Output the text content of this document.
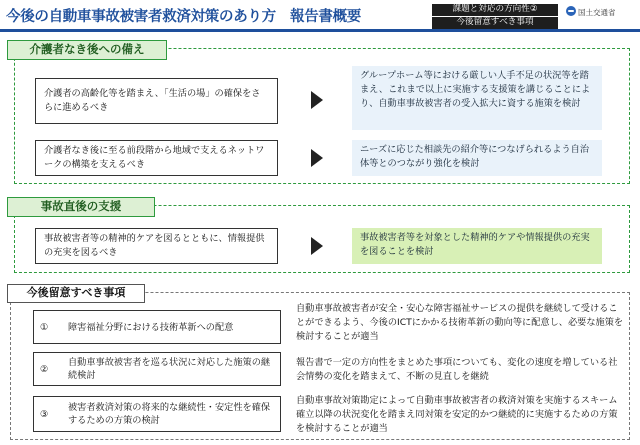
今後の自動車事故被害者救済対策のあり方　報告書概要	課題と対応の方向性②
今後留意すべき事項
国土交通省
介護者なき後への備え
介護者の高齢化等を踏まえ、「生活の場」の確保をさらに進めるべき
グループホーム等における厳しい人手不足の状況等を踏まえ、これまで以上に実施する支援策を講じることにより、自動車事故被害者の受入拡大に資する施策を検討
介護者なき後に至る前段階から地域で支えるネットワークの構築を支えるべき
ニーズに応じた相談先の紹介等につなげられるよう自治体等とのつながり強化を検討
事故直後の支援
事故被害者等の精神的ケアを図るとともに、情報提供の充実を図るべき
事故被害者等を対象とした精神的ケアや情報提供の充実を図ることを検討
今後留意すべき事項
①	障害福祉分野における技術革新への配意
自動車事故被害者が安全・安心な障害福祉サービスの提供を継続して受けることができるよう、今後のICTにかかる技術革新の動向等に配意し、必要な施策を検討することが適当
②
自動車事故被害者を巡る状況に対応した施策の継続検討
報告書で一定の方向性をまとめた事項についても、変化の速度を増している社会情勢の変化を踏まえて、不断の見直しを継続
③
被害者救済対策の将来的な継続性・安定性を確保するための方策の検討
自動車事故対策勘定によって自動車事故被害者の救済対策を実施するスキーム確立以降の状況変化を踏まえ同対策を安定的かつ継続的に実施するための方策を検討することが適当
